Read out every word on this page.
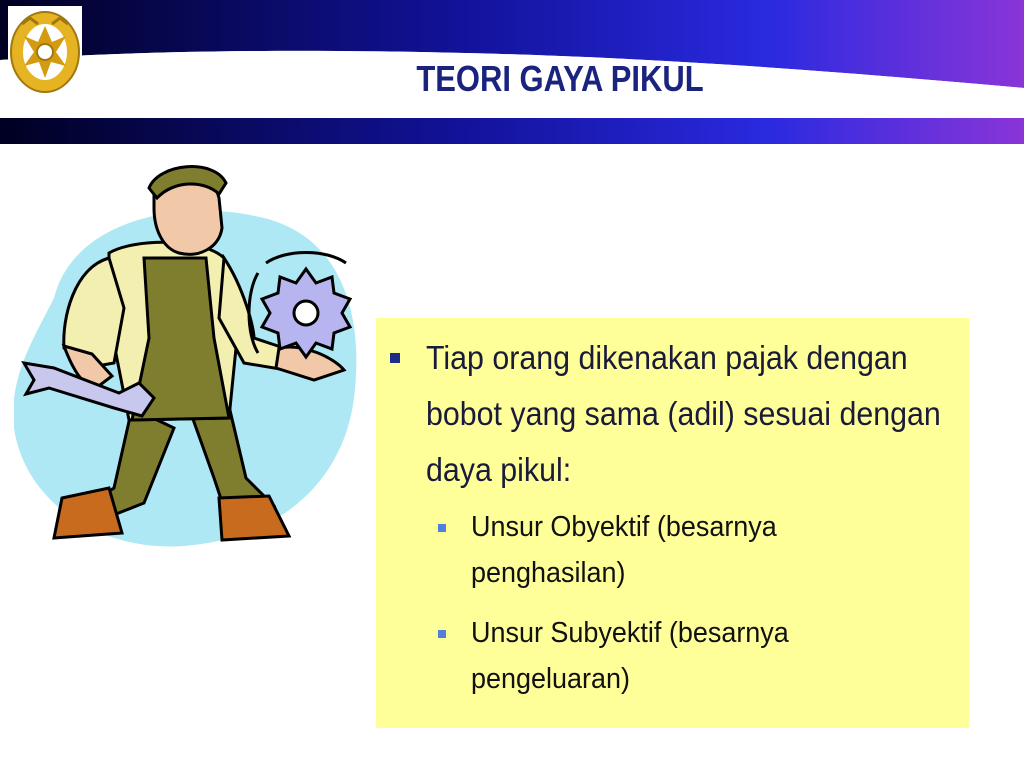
TEORI GAYA PIKUL
Tiap orang dikenakan pajak dengan bobot yang sama (adil) sesuai dengan daya pikul:
Unsur Obyektif (besarnya penghasilan)
Unsur Subyektif (besarnya pengeluaran)
